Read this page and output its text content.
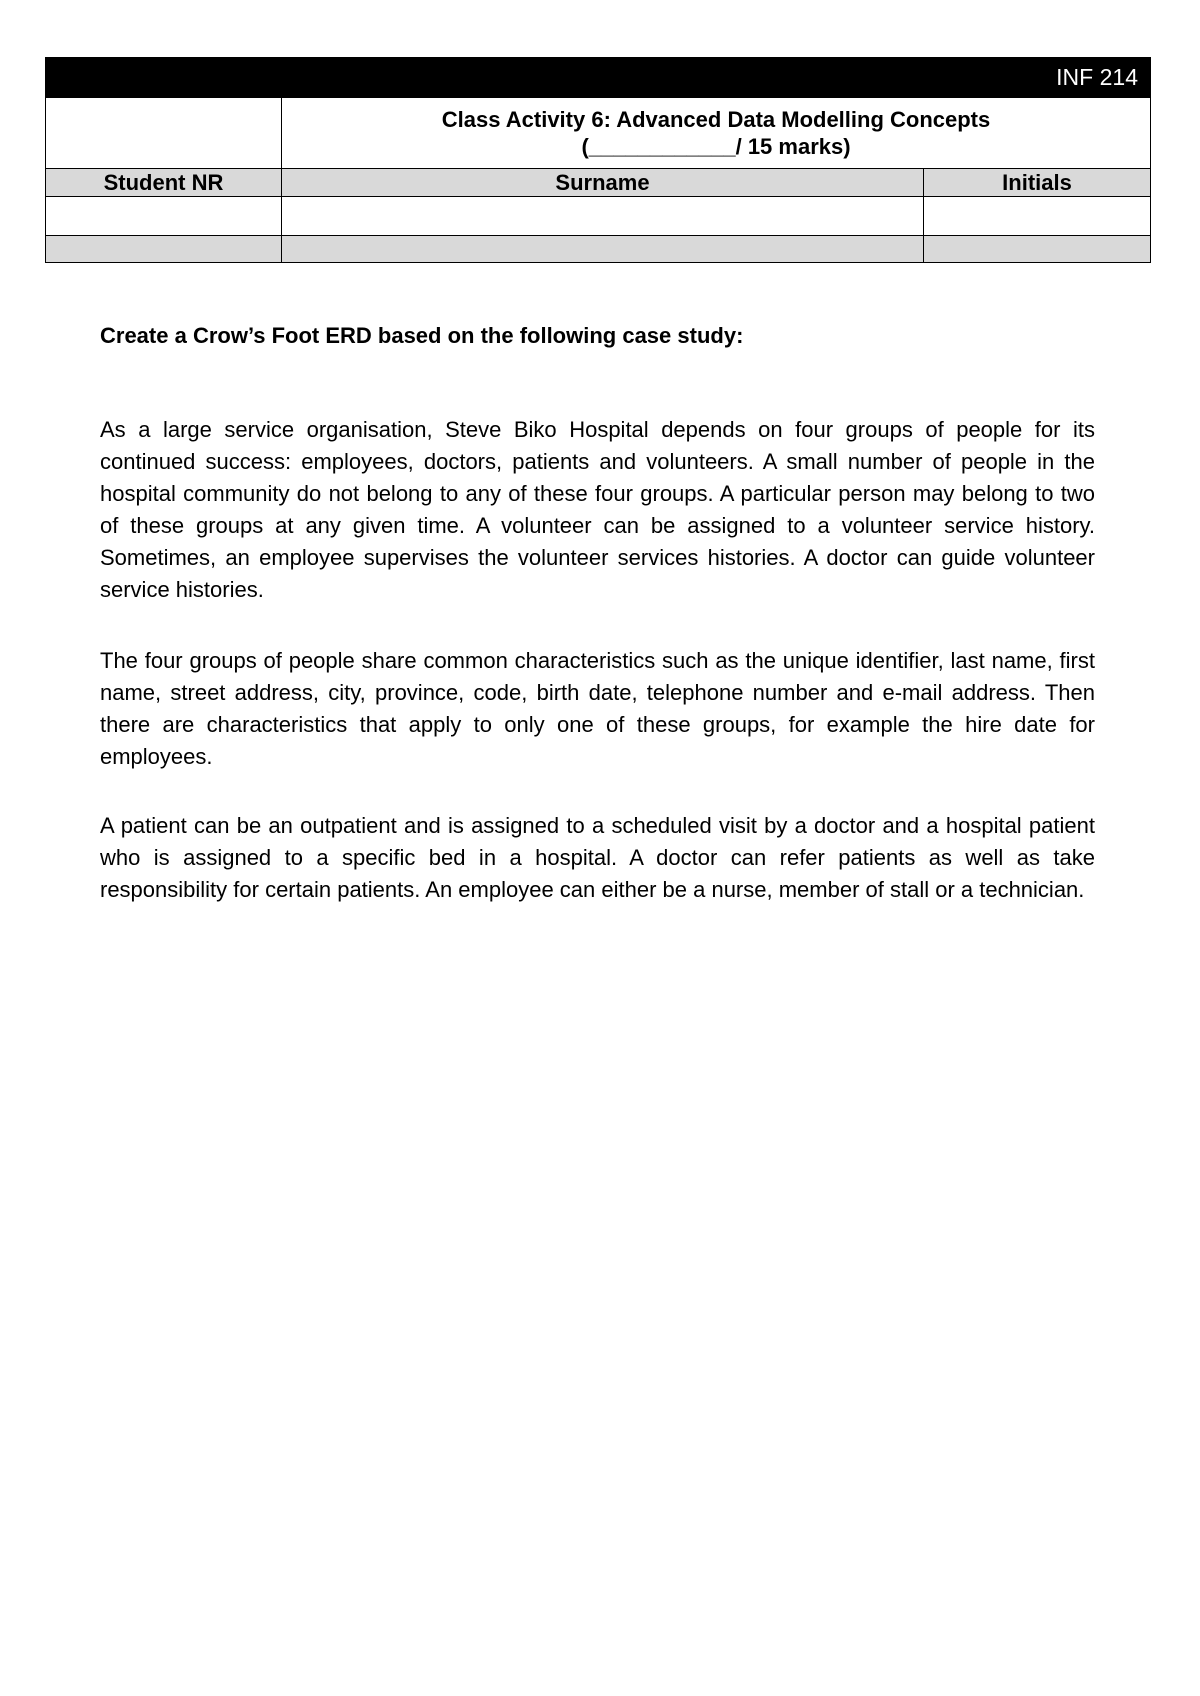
INF 214		

	Class Activity 6: Advanced Data Modelling Concepts
(____________/ 15 marks)	

Student NR	Surname	Initials

Create a Crow’s Foot ERD based on the following case study:

As a large service organisation, Steve Biko Hospital depends on four groups of people for its continued success: employees, doctors, patients and volunteers. A small number of people in the hospital community do not belong to any of these four groups. A particular person may belong to two of these groups at any given time. A volunteer can be assigned to a volunteer service history. Sometimes, an employee supervises the volunteer services histories. A doctor can guide volunteer service histories.

The four groups of people share common characteristics such as the unique identifier, last name, first name, street address, city, province, code, birth date, telephone number and e-mail address. Then there are characteristics that apply to only one of these groups, for example the hire date for employees.

A patient can be an outpatient and is assigned to a scheduled visit by a doctor and a hospital patient who is assigned to a specific bed in a hospital. A doctor can refer patients as well as take responsibility for certain patients. An employee can either be a nurse, member of stall or a technician.
